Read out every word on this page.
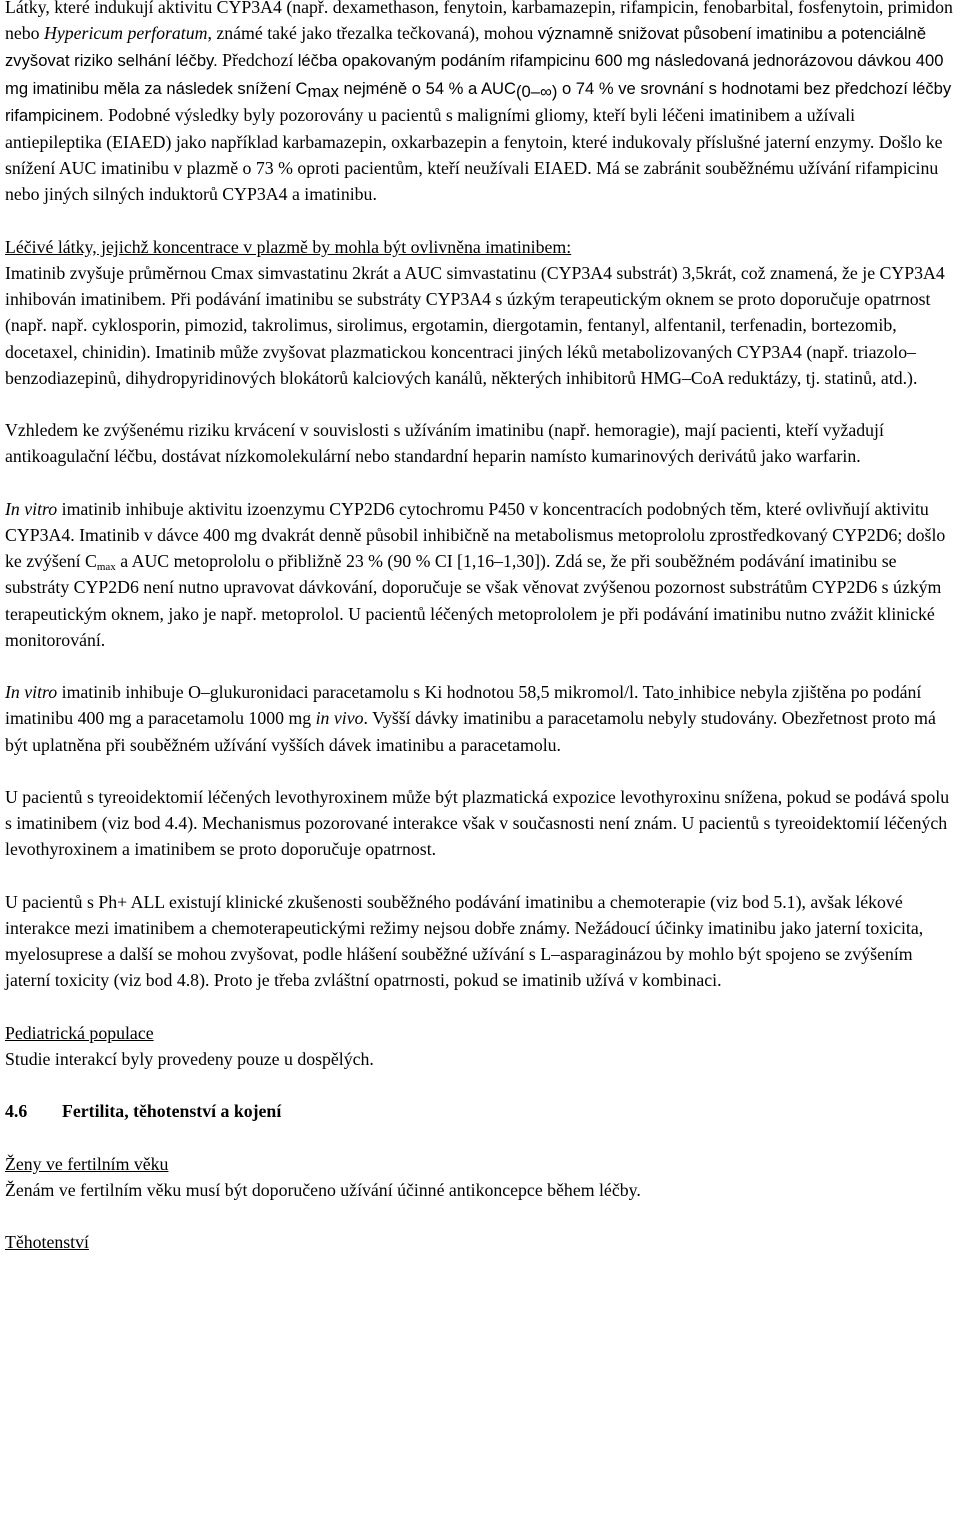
Látky, které indukují aktivitu CYP3A4 (např. dexamethason, fenytoin, karbamazepin, rifampicin, fenobarbital, fosfenytoin, primidon nebo Hypericum perforatum, známé také jako třezalka tečkovaná), mohou významně snižovat působení imatinibu a potenciálně zvyšovat riziko selhání léčby. Předchozí léčba opakovaným podáním rifampicinu 600 mg následovaná jednorázovou dávkou 400 mg imatinibu měla za následek snížení $C_{max}$ nejméně o 54 % a $AUC_{(0-\infty)}$ o 74 % ve srovnání s hodnotami bez předchozí léčby rifampicinem. Podobné výsledky byly pozorovány u pacientů s maligními gliomy, kteří byli léčeni imatinibem a užívali antiepileptika (EIAED) jako například karbamazepin, oxkarbazepin a fenytoin, které indukovaly příslušné jaterní enzymy. Došlo ke snížení AUC imatinibu v plazmě o 73 % oproti pacientům, kteří neužívali EIAED. Má se zabránit souběžnému užívání rifampicinu nebo jiných silných induktorů CYP3A4 a imatinibu.

Léčivé látky, jejichž koncentrace v plazmě by mohla být ovlivněna imatinibem:
Imatinib zvyšuje průměrnou Cmax simvastatinu 2krát a AUC simvastatinu (CYP3A4 substrát) 3,5krát, což znamená, že je CYP3A4 inhibován imatinibem. Při podávání imatinibu se substráty CYP3A4 s úzkým terapeutickým oknem se proto doporučuje opatrnost (např. např. cyklosporin, pimozid, takrolimus, sirolimus, ergotamin, diergotamin, fentanyl, alfentanil, terfenadin, bortezomib, docetaxel, chinidin). Imatinib může zvyšovat plazmatickou koncentraci jiných léků metabolizovaných CYP3A4 (např. triazolo–benzodiazepinů, dihydropyridinových blokátorů kalciových kanálů, některých inhibitorů HMG–CoA reduktázy, tj. statinů, atd.).

Vzhledem ke zvýšenému riziku krvácení v souvislosti s užíváním imatinibu (např. hemoragie), mají pacienti, kteří vyžadují antikoagulační léčbu, dostávat nízkomolekulární nebo standardní heparin namísto kumarinových derivátů jako warfarin.

In vitro imatinib inhibuje aktivitu izoenzymu CYP2D6 cytochromu P450 v koncentracích podobných těm, které ovlivňují aktivitu CYP3A4. Imatinib v dávce 400 mg dvakrát denně působil inhibičně na metabolismus metoprololu zprostředkovaný CYP2D6; došlo ke zvýšení $C_{max}$ a AUC metoprololu o přibližně 23 % (90 % CI [1,16–1,30]). Zdá se, že při souběžném podávání imatinibu se substráty CYP2D6 není nutno upravovat dávkování, doporučuje se však věnovat zvýšenou pozornost substrátům CYP2D6 s úzkým terapeutickým oknem, jako je např. metoprolol. U pacientů léčených metoprololem je při podávání imatinibu nutno zvážit klinické monitorování.

In vitro imatinib inhibuje O–glukuronidaci paracetamolu s Ki hodnotou 58,5 mikromol/l. Tato inhibice nebyla zjištěna po podání imatinibu 400 mg a paracetamolu 1000 mg in vivo. Vyšší dávky imatinibu a paracetamolu nebyly studovány. Obezřetnost proto má být uplatněna při souběžném užívání vyšších dávek imatinibu a paracetamolu.

U pacientů s tyreoidektomií léčených levothyroxinem může být plazmatická expozice levothyroxinu snížena, pokud se podává spolu s imatinibem (viz bod 4.4). Mechanismus pozorované interakce však v současnosti není znám. U pacientů s tyreoidektomií léčených levothyroxinem a imatinibem se proto doporučuje opatrnost.

U pacientů s Ph+ ALL existují klinické zkušenosti souběžného podávání imatinibu a chemoterapie (viz bod 5.1), avšak lékové interakce mezi imatinibem a chemoterapeutickými režimy nejsou dobře známy. Nežádoucí účinky imatinibu jako jaterní toxicita, myelosuprese a další se mohou zvyšovat, podle hlášení souběžné užívání s L–asparaginázou by mohlo být spojeno se zvýšením jaterní toxicity (viz bod 4.8). Proto je třeba zvláštní opatrnosti, pokud se imatinib užívá v kombinaci.

Pediatrická populace
Studie interakcí byly provedeny pouze u dospělých.

4.6 Fertilita, těhotenství a kojení

Ženy ve fertilním věku
Ženám ve fertilním věku musí být doporučeno užívání účinné antikoncepce během léčby.

Těhotenství
